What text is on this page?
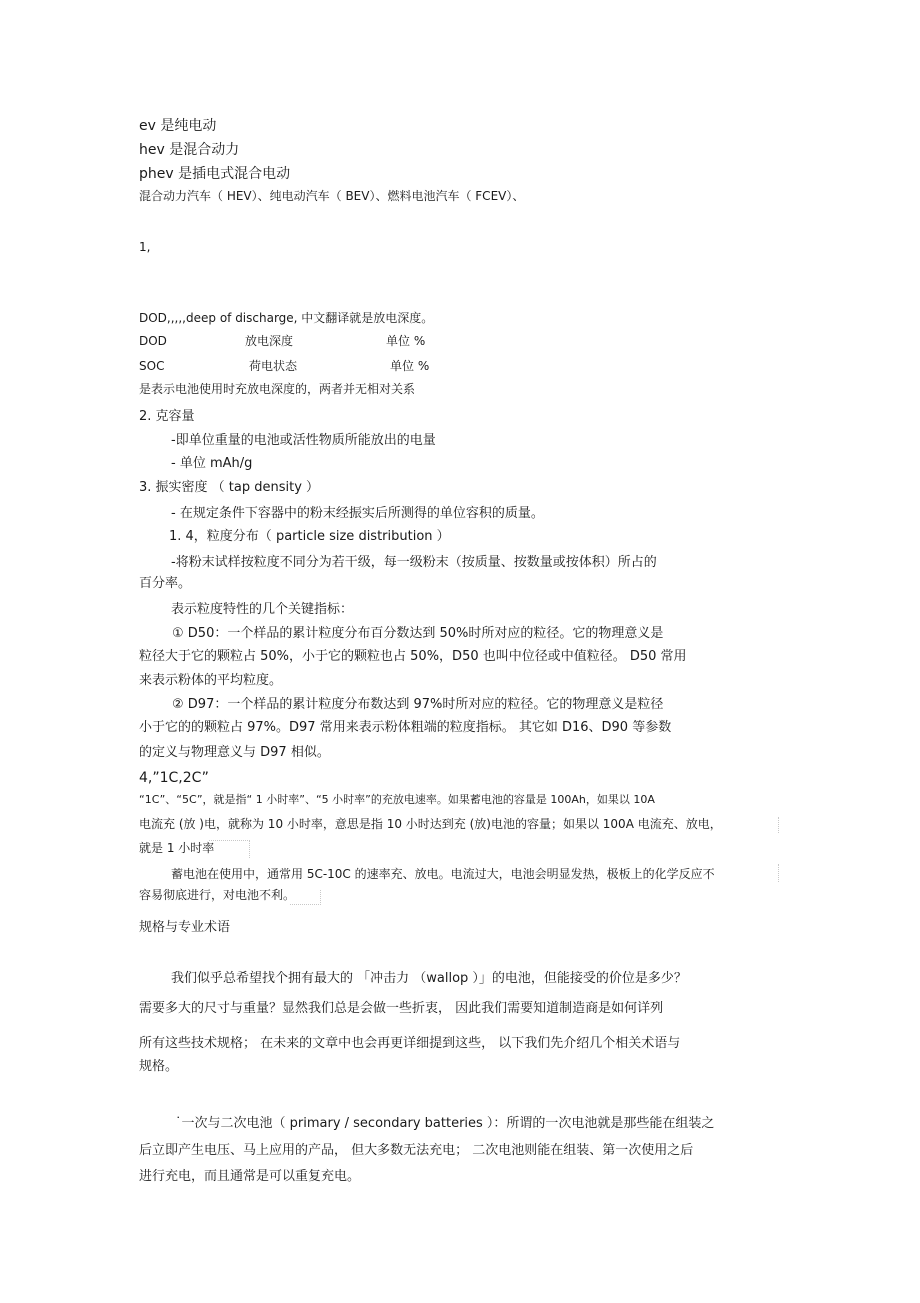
ev 是纯电动
hev 是混合动力
phev 是插电式混合电动
混合动力汽车（ HEV）、纯电动汽车（ BEV）、燃料电池汽车（ FCEV）、
1,
DOD,,,,,deep of discharge, 中文翻译就是放电深度。
DOD	放电深度	单位 %
SOC	荷电状态	单位 %
是表示电池使用时充放电深度的，两者并无相对关系
2. 克容量
-即单位重量的电池或活性物质所能放出的电量
- 单位 mAh/g
3. 振实密度 （ tap density ）
- 在规定条件下容器中的粉末经振实后所测得的单位容积的质量。
1. 4，粒度分布（ particle size distribution ）
-将粉末试样按粒度不同分为若干级，每一级粉末（按质量、按数量或按体积）所占的
百分率。
表示粒度特性的几个关键指标：
① D50：一个样品的累计粒度分布百分数达到 50%时所对应的粒径。它的物理意义是
粒径大于它的颗粒占 50%，小于它的颗粒也占 50%，D50 也叫中位径或中值粒径。 D50 常用
来表示粉体的平均粒度。
② D97：一个样品的累计粒度分布数达到 97%时所对应的粒径。它的物理意义是粒径
小于它的的颗粒占 97%。D97 常用来表示粉体粗端的粒度指标。 其它如 D16、D90 等参数
的定义与物理意义与 D97 相似。
4,”1C,2C”
“1C”、“5C”，就是指“ 1 小时率”、“5 小时率”的充放电速率。如果蓄电池的容量是 100Ah，如果以 10A
电流充 (放 )电，就称为 10 小时率，意思是指 10 小时达到充 (放)电池的容量；如果以 100A 电流充、放电，
就是 1 小时率
蓄电池在使用中，通常用 5C-10C 的速率充、放电。电流过大，电池会明显发热，极板上的化学反应不
容易彻底进行，对电池不利。
规格与专业术语
我们似乎总希望找个拥有最大的 「冲击力 （wallop ）」的电池，但能接受的价位是多少？
需要多大的尺寸与重量？显然我们总是会做一些折衷， 因此我们需要知道制造商是如何详列
所有这些技术规格； 在未来的文章中也会再更详细提到这些， 以下我们先介绍几个相关术语与
规格。
˙一次与二次电池（ primary / secondary batteries ）：所谓的一次电池就是那些能在组装之
后立即产生电压、马上应用的产品， 但大多数无法充电； 二次电池则能在组装、第一次使用之后
进行充电，而且通常是可以重复充电。
